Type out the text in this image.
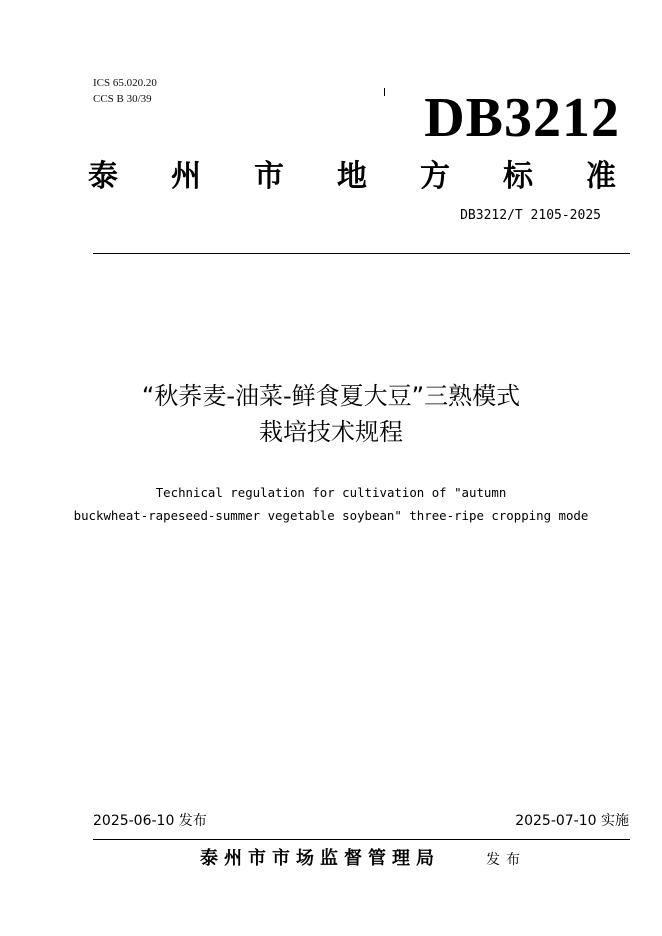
ICS 65.020.20
CCS B 30/39	DB3212
泰 州 市 地 方 标 准
DB3212/T 2105-2025
“秋荞麦-油菜-鲜食夏大豆”三熟模式
栽培技术规程
Technical regulation for cultivation of "autumn
buckwheat-rapeseed-summer vegetable soybean" three-ripe cropping mode
2025-06-10 发布	2025-07-10 实施
泰州市市场监督管理局	发布
